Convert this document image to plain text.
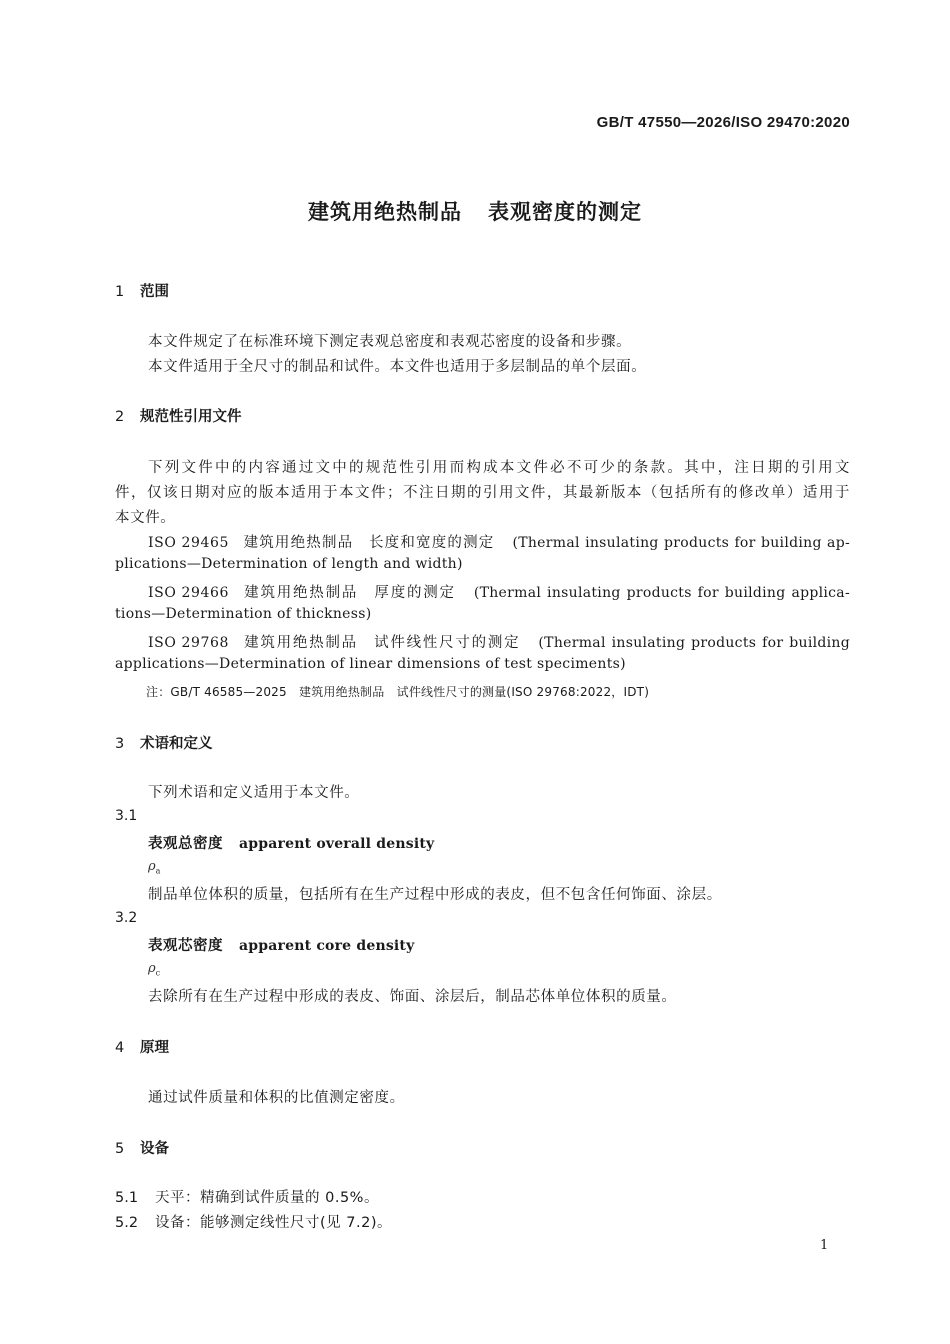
GB/T 47550—2026/ISO 29470:2020
建筑用绝热制品 表观密度的测定
1 范围
本文件规定了在标准环境下测定表观总密度和表观芯密度的设备和步骤。
本文件适用于全尺寸的制品和试件。本文件也适用于多层制品的单个层面。
2 规范性引用文件
下列文件中的内容通过文中的规范性引用而构成本文件必不可少的条款。其中，注日期的引用文
件，仅该日期对应的版本适用于本文件；不注日期的引用文件，其最新版本（包括所有的修改单）适用于
本文件。
ISO 29465 建筑用绝热制品　长度和宽度的测定 (Thermal insulating products for building ap-
plications—Determination of length and width)
ISO 29466 建筑用绝热制品　厚度的测定 (Thermal insulating products for building applica-
tions—Determination of thickness)
ISO 29768 建筑用绝热制品　试件线性尺寸的测定 (Thermal insulating products for building
applications—Determination of linear dimensions of test speciments)
注：GB/T 46585—2025　建筑用绝热制品　试件线性尺寸的测量(ISO 29768:2022，IDT)
3 术语和定义
下列术语和定义适用于本文件。
3.1
表观总密度 apparent overall density
$\rho_a$
制品单位体积的质量，包括所有在生产过程中形成的表皮，但不包含任何饰面、涂层。
3.2
表观芯密度 apparent core density
$\rho_c$
去除所有在生产过程中形成的表皮、饰面、涂层后，制品芯体单位体积的质量。
4 原理
通过试件质量和体积的比值测定密度。
5 设备
5.1 天平：精确到试件质量的 0.5%。
5.2 设备：能够测定线性尺寸(见 7.2)。
1
